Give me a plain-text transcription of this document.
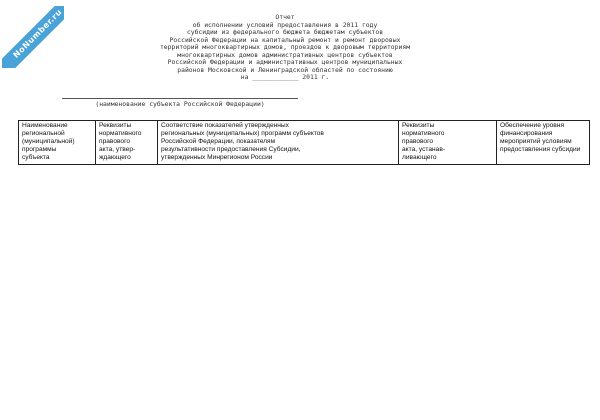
NoNumber.ru	Отчет
об исполнении условий предоставления в 2011 году
субсидии из федерального бюджета бюджетам субъектов
Российской Федерации на капитальный ремонт и ремонт дворовых
территорий многоквартирных домов, проездов к дворовым территориям
многоквартирных домов административных центров субъектов
Российской Федерации и административных центров муниципальных
районов Московской и Ленинградской областей по состоянию
на ____________ 2011 г.
(наименование субъекта Российской Федерации)
Наименование
региональной
(муниципальной)
программы
субъекта

Реквизиты
нормативного
правового
акта, утвер-
ждающего

Соответствие показателей утвержденных
региональных (муниципальных) программ субъектов
Российской Федерации, показателям
результативности предоставления Субсидии,
утвержденных Минрегионом России

Реквизиты
нормативного
правового
акта, устанав-
ливающего

Обеспечение уровня
финансирования
мероприятий условиям
предоставления субсидии
